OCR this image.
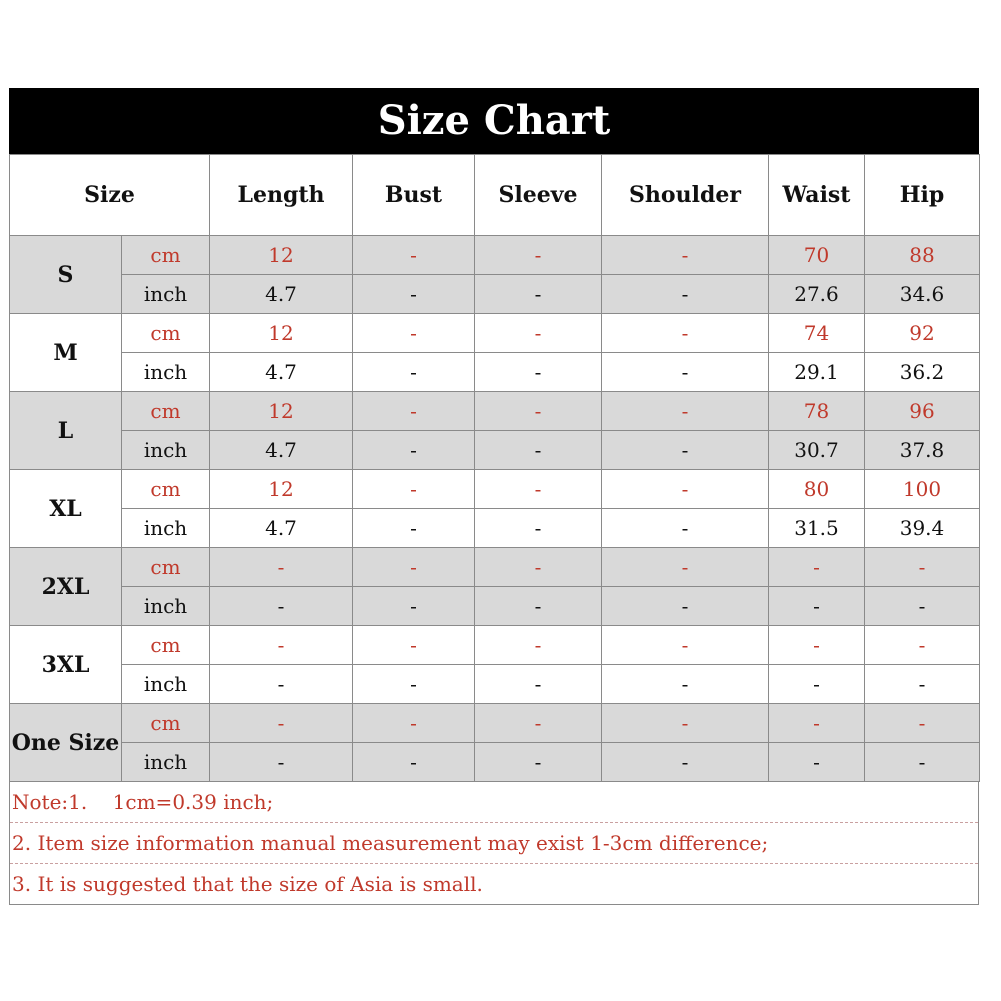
Size Chart
Size		Length	Bust	Sleeve	Shoulder	Waist	Hip
S	cm	12	-	-	-	70	88
	inch	4.7	-	-	-	27.6	34.6
M	cm	12	-	-	-	74	92
	inch	4.7	-	-	-	29.1	36.2
L	cm	12	-	-	-	78	96
	inch	4.7	-	-	-	30.7	37.8
XL	cm	12	-	-	-	80	100
	inch	4.7	-	-	-	31.5	39.4
2XL	cm	-	-	-	-	-	-
	inch	-	-	-	-	-	-
3XL	cm	-	-	-	-	-	-
	inch	-	-	-	-	-	-
One Size	cm	-	-	-	-	-	-
	inch	-	-	-	-	-	-
Note:1.    1cm=0.39 inch;
2. Item size information manual measurement may exist 1-3cm difference;
3. It is suggested that the size of Asia is small.
